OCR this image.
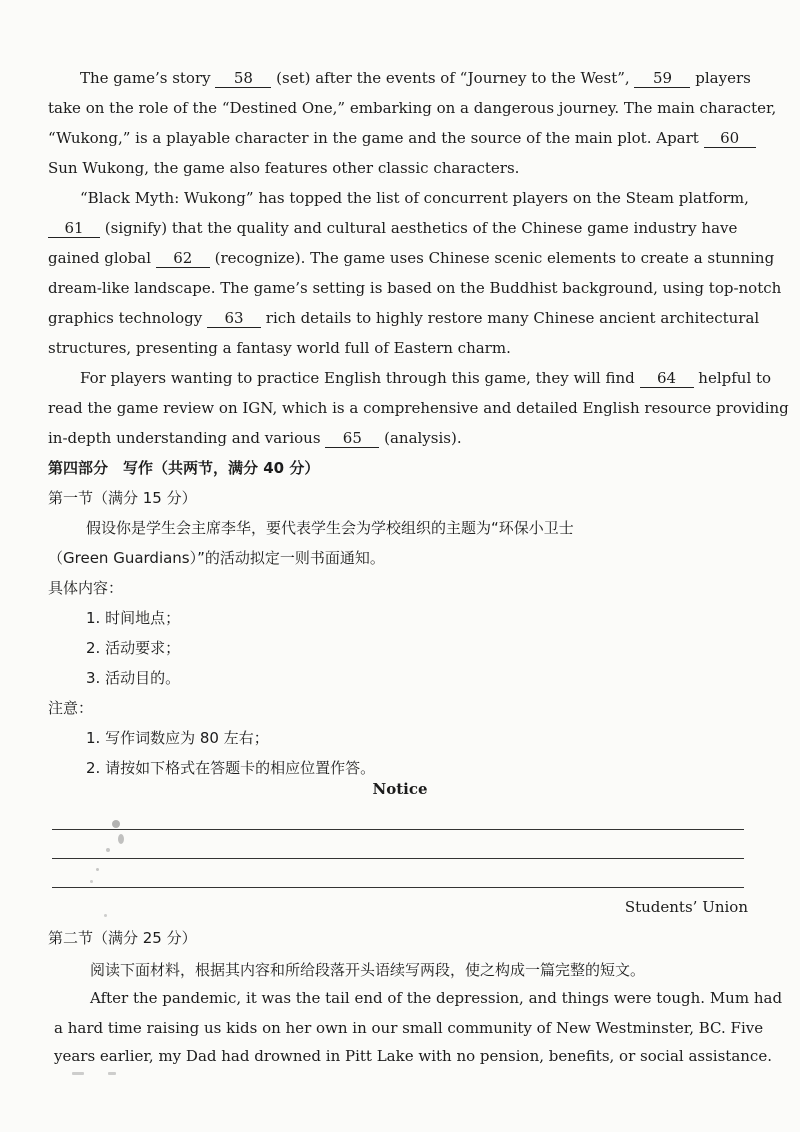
The game’s story 58 (set) after the events of “Journey to the West”, 59 players
take on the role of the “Destined One,” embarking on a dangerous journey. The main character,
“Wukong,” is a playable character in the game and the source of the main plot. Apart 60
Sun Wukong, the game also features other classic characters.
“Black Myth: Wukong” has topped the list of concurrent players on the Steam platform,
61 (signify) that the quality and cultural aesthetics of the Chinese game industry have
gained global 62 (recognize). The game uses Chinese scenic elements to create a stunning
dream-like landscape. The game’s setting is based on the Buddhist background, using top-notch
graphics technology 63 rich details to highly restore many Chinese ancient architectural
structures, presenting a fantasy world full of Eastern charm.
For players wanting to practice English through this game, they will find 64 helpful to
read the game review on IGN, which is a comprehensive and detailed English resource providing
in-depth understanding and various 65 (analysis).
第四部分　写作（共两节，满分 40 分）
第一节（满分 15 分）
假设你是学生会主席李华，要代表学生会为学校组织的主题为“环保小卫士
（Green Guardians）”的活动拟定一则书面通知。
具体内容：
1. 时间地点；
2. 活动要求；
3. 活动目的。
注意：
1. 写作词数应为 80 左右；
2. 请按如下格式在答题卡的相应位置作答。
Notice
Students’ Union
第二节（满分 25 分）
阅读下面材料，根据其内容和所给段落开头语续写两段，使之构成一篇完整的短文。
After the pandemic, it was the tail end of the depression, and things were tough. Mum had
a hard time raising us kids on her own in our small community of New Westminster, BC. Five
years earlier, my Dad had drowned in Pitt Lake with no pension, benefits, or social assistance.
